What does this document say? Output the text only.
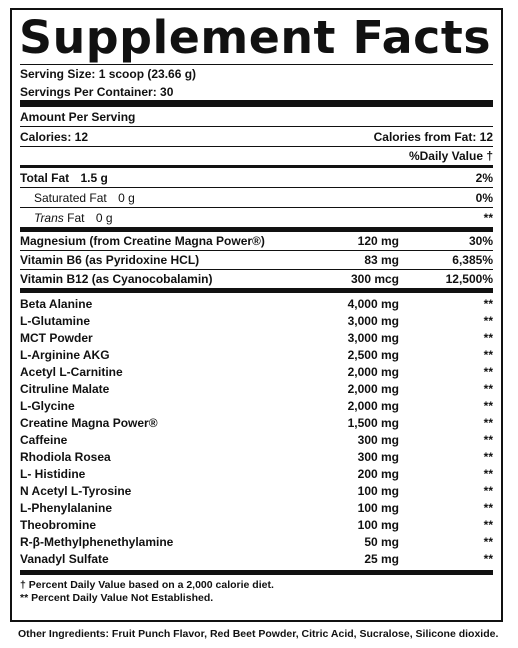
Supplement Facts
Serving Size: 1 scoop (23.66 g)
Servings Per Container: 30
Amount Per Serving
Calories: 12	Calories from Fat: 12
%Daily Value †
Total Fat 1.5 g	2%
Saturated Fat 0 g	0%
Trans Fat 0 g	**
Magnesium (from Creatine Magna Power®)	120 mg	30%
Vitamin B6 (as Pyridoxine HCL)	83 mg	6,385%
Vitamin B12 (as Cyanocobalamin)	300 mcg	12,500%
Beta Alanine	4,000 mg	**
L-Glutamine	3,000 mg	**
MCT Powder	3,000 mg	**
L-Arginine AKG	2,500 mg	**
Acetyl L-Carnitine	2,000 mg	**
Citruline Malate	2,000 mg	**
L-Glycine	2,000 mg	**
Creatine Magna Power®	1,500 mg	**
Caffeine	300 mg	**
Rhodiola Rosea	300 mg	**
L- Histidine	200 mg	**
N Acetyl L-Tyrosine	100 mg	**
L-Phenylalanine	100 mg	**
Theobromine	100 mg	**
R-β-Methylphenethylamine	50 mg	**
Vanadyl Sulfate	25 mg	**
† Percent Daily Value based on a 2,000 calorie diet.
** Percent Daily Value Not Established.
Other Ingredients: Fruit Punch Flavor, Red Beet Powder, Citric Acid, Sucralose, Silicone dioxide.
